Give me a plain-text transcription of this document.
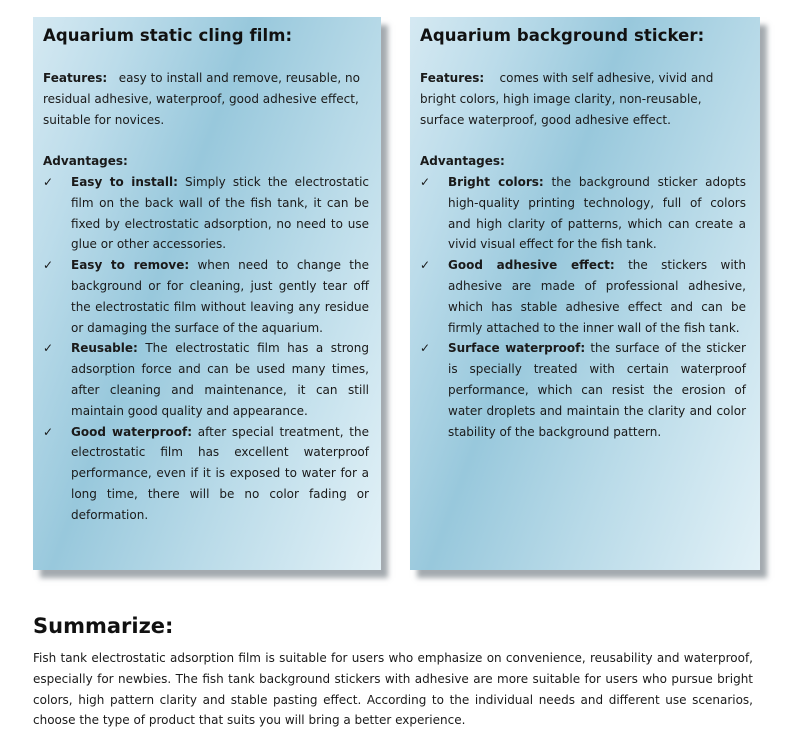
Aquarium static cling film:
Features: easy to install and remove, reusable, no residual adhesive, waterproof, good adhesive effect, suitable for novices.
Advantages:
✓ Easy to install: Simply stick the electrostatic film on the back wall of the fish tank, it can be fixed by electrostatic adsorption, no need to use glue or other accessories.
✓ Easy to remove: when need to change the background or for cleaning, just gently tear off the electrostatic film without leaving any residue or damaging the surface of the aquarium.
✓ Reusable: The electrostatic film has a strong adsorption force and can be used many times, after cleaning and maintenance, it can still maintain good quality and appearance.
✓ Good waterproof: after special treatment, the electrostatic film has excellent waterproof performance, even if it is exposed to water for a long time, there will be no color fading or deformation.
Aquarium background sticker:
Features: comes with self adhesive, vivid and bright colors, high image clarity, non-reusable, surface waterproof, good adhesive effect.
Advantages:
✓ Bright colors: the background sticker adopts high-quality printing technology, full of colors and high clarity of patterns, which can create a vivid visual effect for the fish tank.
✓ Good adhesive effect: the stickers with adhesive are made of professional adhesive, which has stable adhesive effect and can be firmly attached to the inner wall of the fish tank.
✓ Surface waterproof: the surface of the sticker is specially treated with certain waterproof performance, which can resist the erosion of water droplets and maintain the clarity and color stability of the background pattern.
Summarize:

Fish tank electrostatic adsorption film is suitable for users who emphasize on convenience, reusability and waterproof, especially for newbies. The fish tank background stickers with adhesive are more suitable for users who pursue bright colors, high pattern clarity and stable pasting effect. According to the individual needs and different use scenarios, choose the type of product that suits you will bring a better experience.
